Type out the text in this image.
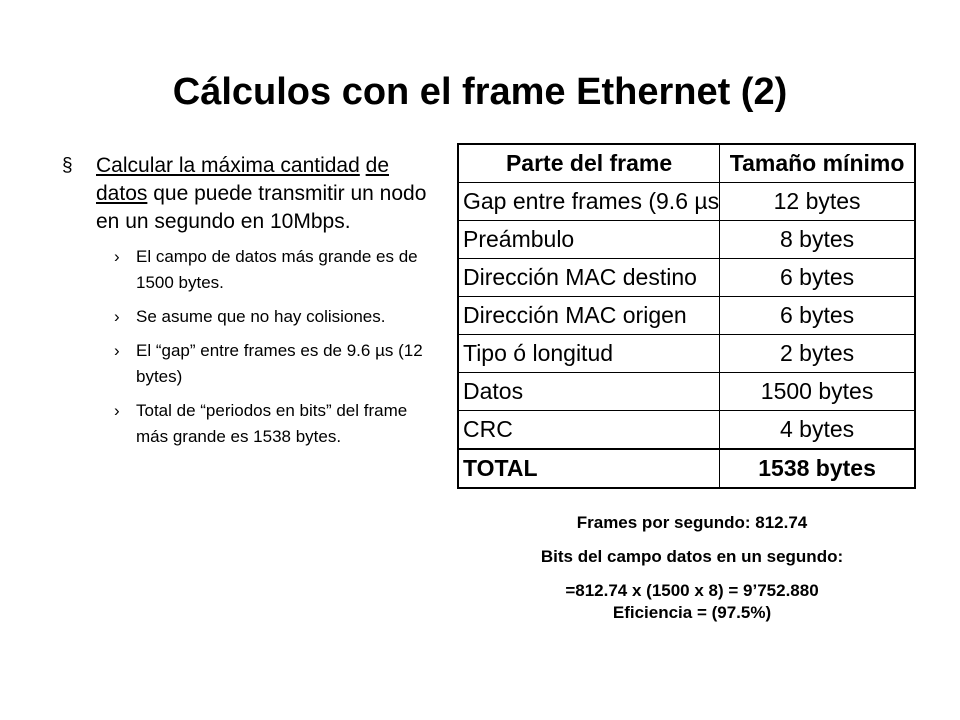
Cálculos con el frame Ethernet (2)
§	Calcular la máxima cantidad de datos que puede transmitir un nodo en un segundo en 10Mbps.
› El campo de datos más grande es de 1500 bytes.
› Se asume que no hay colisiones.
› El “gap” entre frames es de 9.6 µs (12 bytes)
› Total de “periodos en bits” del frame más grande es 1538 bytes.
Parte del frame	Tamaño mínimo
Gap entre frames (9.6 µs	12 bytes
Preámbulo	8 bytes
Dirección MAC destino	6 bytes
Dirección MAC origen	6 bytes
Tipo ó longitud	2 bytes
Datos	1500 bytes
CRC	4 bytes
TOTAL	1538 bytes
Frames por segundo: 812.74
Bits del campo datos en un segundo:
=812.74 x (1500 x 8) = 9’752.880
Eficiencia = (97.5%)
